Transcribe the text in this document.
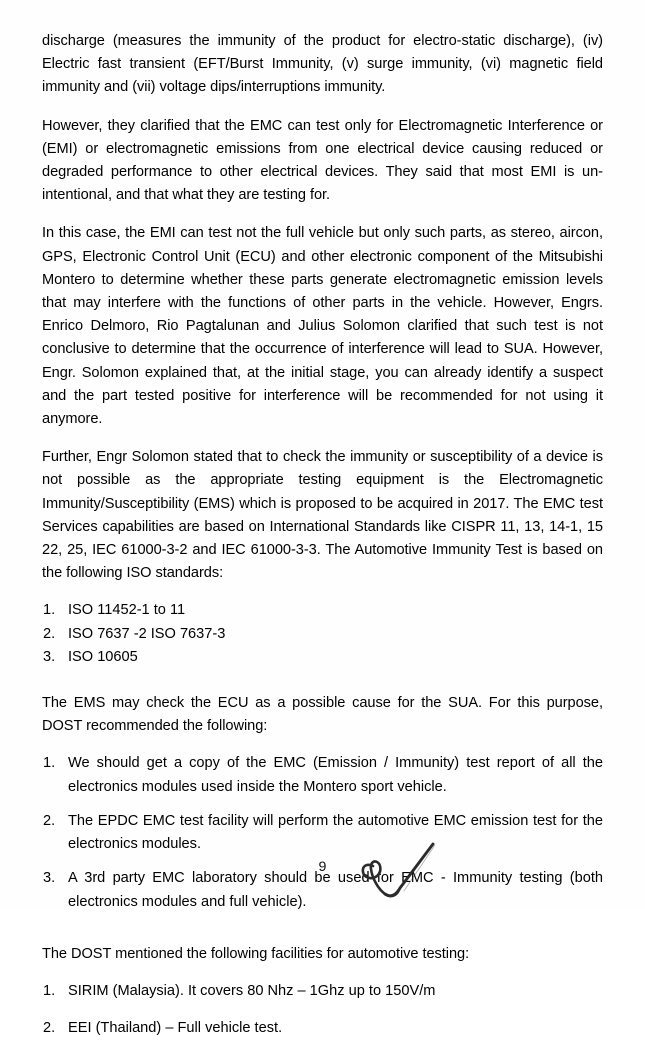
discharge (measures the immunity of the product for electro-static discharge), (iv) Electric fast transient (EFT/Burst Immunity, (v) surge immunity, (vi) magnetic field immunity and (vii) voltage dips/interruptions immunity.

However, they clarified that the EMC can test only for Electromagnetic Interference or (EMI) or electromagnetic emissions from one electrical device causing reduced or degraded performance to other electrical devices. They said that most EMI is un-intentional, and that what they are testing for.

In this case, the EMI can test not the full vehicle but only such parts, as stereo, aircon, GPS, Electronic Control Unit (ECU) and other electronic component of the Mitsubishi Montero to determine whether these parts generate electromagnetic emission levels that may interfere with the functions of other parts in the vehicle. However, Engrs. Enrico Delmoro, Rio Pagtalunan and Julius Solomon clarified that such test is not conclusive to determine that the occurrence of interference will lead to SUA. However, Engr. Solomon explained that, at the initial stage, you can already identify a suspect and the part tested positive for interference will be recommended for not using it anymore.

Further, Engr Solomon stated that to check the immunity or susceptibility of a device is not possible as the appropriate testing equipment is the Electromagnetic Immunity/Susceptibility (EMS) which is proposed to be acquired in 2017. The EMC test Services capabilities are based on International Standards like CISPR 11, 13, 14-1, 15 22, 25, IEC 61000-3-2 and IEC 61000-3-3. The Automotive Immunity Test is based on the following ISO standards:

1. ISO 11452-1 to 11
2. ISO 7637 -2 ISO 7637-3
3. ISO 10605

The EMS may check the ECU as a possible cause for the SUA. For this purpose, DOST recommended the following:

1. We should get a copy of the EMC (Emission / Immunity) test report of all the electronics modules used inside the Montero sport vehicle.
2. The EPDC EMC test facility will perform the automotive EMC emission test for the electronics modules.
3. A 3rd party EMC laboratory should be used for EMC - Immunity testing (both electronics modules and full vehicle).

The DOST mentioned the following facilities for automotive testing:

1. SIRIM (Malaysia). It covers 80 Nhz – 1Ghz up to 150V/m
2. EEI (Thailand) – Full vehicle test.
9
